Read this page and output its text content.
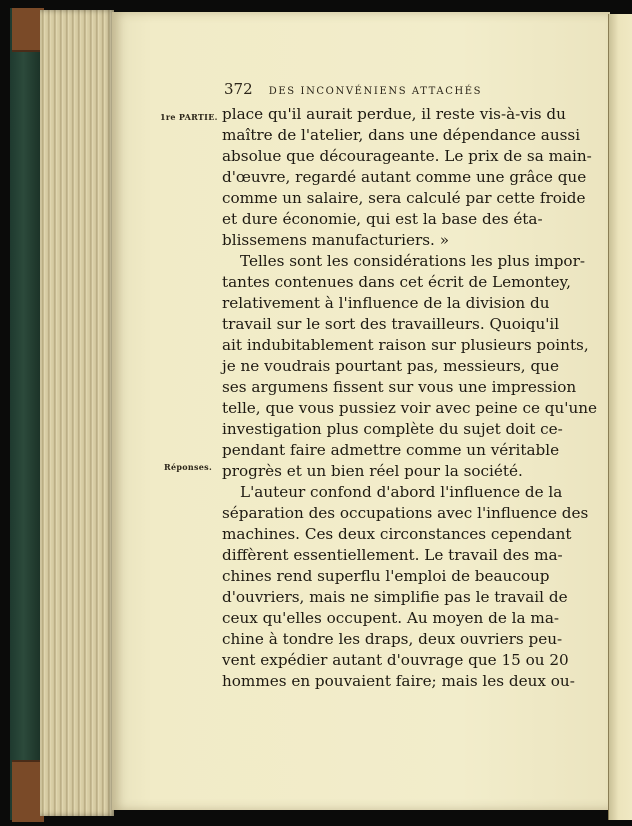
372 DES INCONVÉNIENS ATTACHÉS
1re PARTIE.
Réponses.
place qu'il aurait perdue, il reste vis-à-vis du
maître de l'atelier, dans une dépendance aussi
absolue que décourageante. Le prix de sa main-
d'œuvre, regardé autant comme une grâce que
comme un salaire, sera calculé par cette froide
et dure économie, qui est la base des éta-
blissemens manufacturiers. »
Telles sont les considérations les plus impor-
tantes contenues dans cet écrit de Lemontey,
relativement à l'influence de la division du
travail sur le sort des travailleurs. Quoiqu'il
ait indubitablement raison sur plusieurs points,
je ne voudrais pourtant pas, messieurs, que
ses argumens fissent sur vous une impression
telle, que vous pussiez voir avec peine ce qu'une
investigation plus complète du sujet doit ce-
pendant faire admettre comme un véritable
progrès et un bien réel pour la société.
L'auteur confond d'abord l'influence de la
séparation des occupations avec l'influence des
machines. Ces deux circonstances cependant
diffèrent essentiellement. Le travail des ma-
chines rend superflu l'emploi de beaucoup
d'ouvriers, mais ne simplifie pas le travail de
ceux qu'elles occupent. Au moyen de la ma-
chine à tondre les draps, deux ouvriers peu-
vent expédier autant d'ouvrage que 15 ou 20
hommes en pouvaient faire; mais les deux ou-
